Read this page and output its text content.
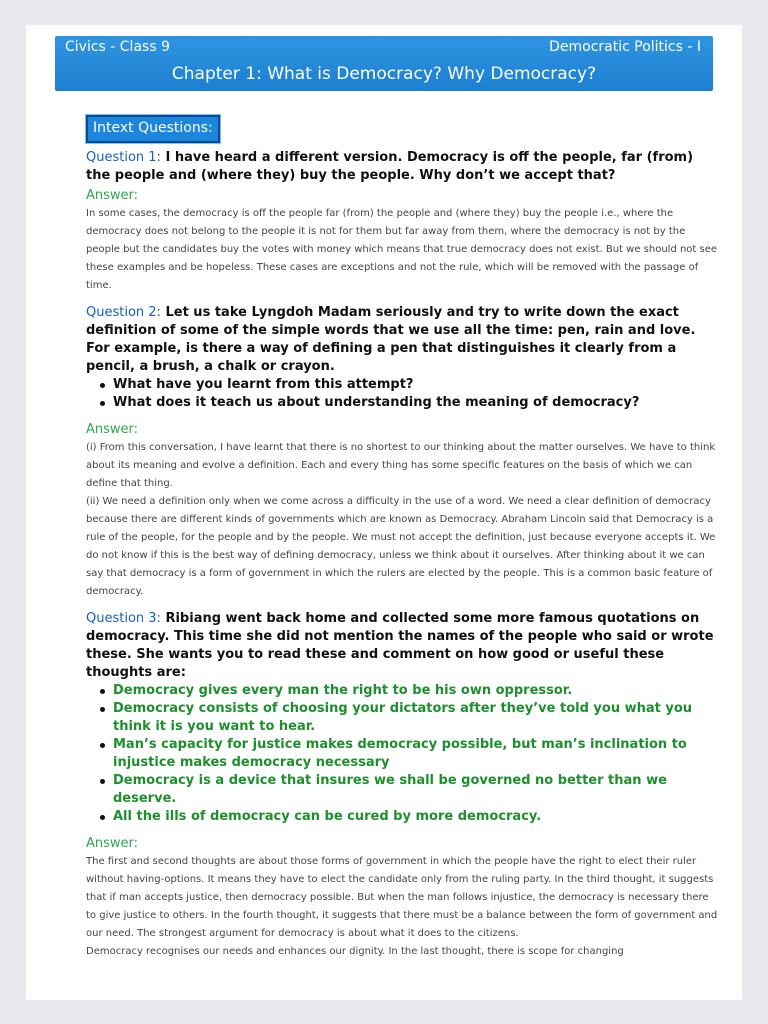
Civics - Class 9	Democratic Politics - I
Chapter 1: What is Democracy? Why Democracy?
Intext Questions:
Question 1: I have heard a different version. Democracy is off the people, far (from) the people and (where they) buy the people. Why don’t we accept that?
Answer:
In some cases, the democracy is off the people far (from) the people and (where they) buy the people i.e., where the democracy does not belong to the people it is not for them but far away from them, where the democracy is not by the people but the candidates buy the votes with money which means that true democracy does not exist. But we should not see these examples and be hopeless. These cases are exceptions and not the rule, which will be removed with the passage of time.
Question 2: Let us take Lyngdoh Madam seriously and try to write down the exact definition of some of the simple words that we use all the time: pen, rain and love. For example, is there a way of defining a pen that distinguishes it clearly from a pencil, a brush, a chalk or crayon.
What have you learnt from this attempt?
What does it teach us about understanding the meaning of democracy?
Answer:
(i) From this conversation, I have learnt that there is no shortest to our thinking about the matter ourselves. We have to think about its meaning and evolve a definition. Each and every thing has some specific features on the basis of which we can define that thing.
(ii) We need a definition only when we come across a difficulty in the use of a word. We need a clear definition of democracy because there are different kinds of governments which are known as Democracy. Abraham Lincoln said that Democracy is a rule of the people, for the people and by the people. We must not accept the definition, just because everyone accepts it. We do not know if this is the best way of defining democracy, unless we think about it ourselves. After thinking about it we can say that democracy is a form of government in which the rulers are elected by the people. This is a common basic feature of democracy.
Question 3: Ribiang went back home and collected some more famous quotations on democracy. This time she did not mention the names of the people who said or wrote these. She wants you to read these and comment on how good or useful these thoughts are:
Democracy gives every man the right to be his own oppressor.
Democracy consists of choosing your dictators after they’ve told you what you think it is you want to hear.
Man’s capacity for justice makes democracy possible, but man’s inclination to injustice makes democracy necessary
Democracy is a device that insures we shall be governed no better than we deserve.
All the ills of democracy can be cured by more democracy.
Answer:
The first and second thoughts are about those forms of government in which the people have the right to elect their ruler without having-options. It means they have to elect the candidate only from the ruling party. In the third thought, it suggests that if man accepts justice, then democracy possible. But when the man follows injustice, the democracy is necessary there to give justice to others. In the fourth thought, it suggests that there must be a balance between the form of government and our need. The strongest argument for democracy is about what it does to the citizens.
Democracy recognises our needs and enhances our dignity. In the last thought, there is scope for changing
